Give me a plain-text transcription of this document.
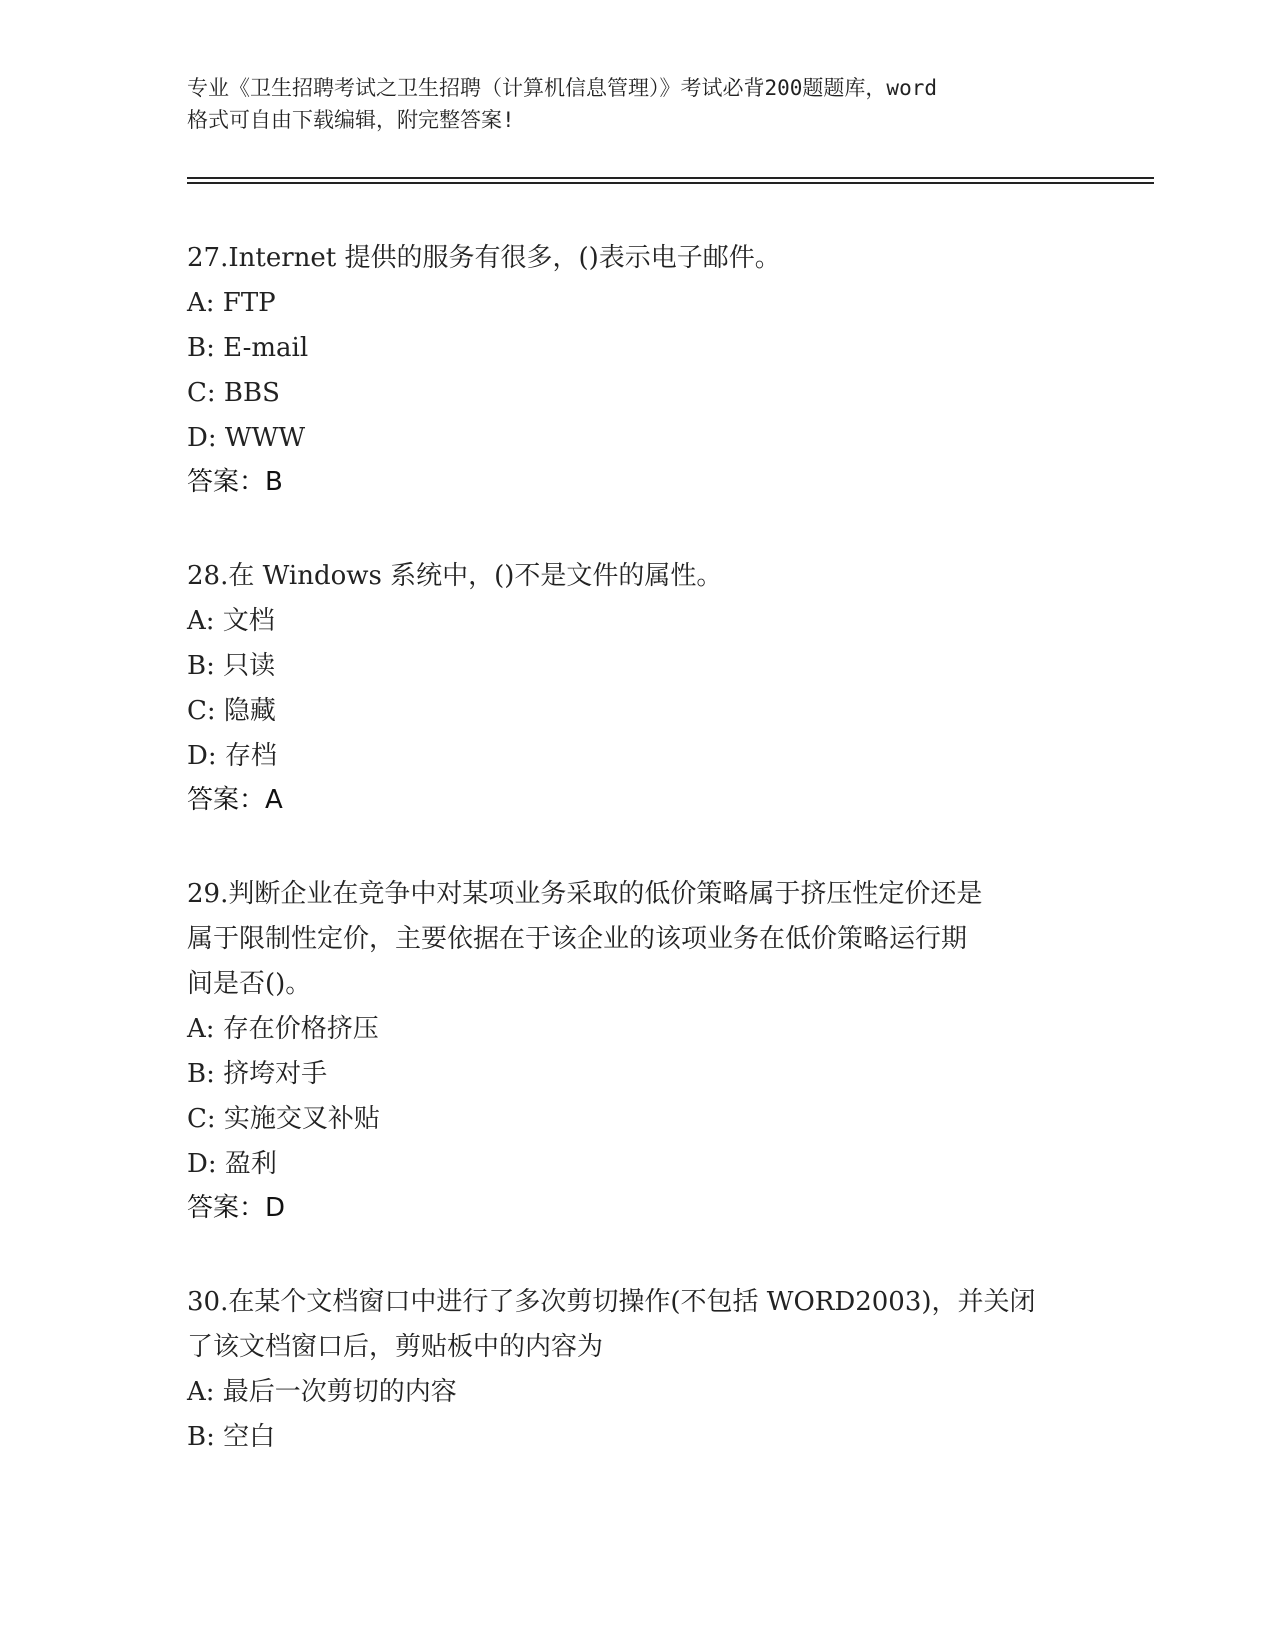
专业《卫生招聘考试之卫生招聘（计算机信息管理）》考试必背200题题库，word
格式可自由下载编辑，附完整答案!
27.Internet 提供的服务有很多，()表示电子邮件。
A: FTP
B: E-mail
C: BBS
D: WWW
答案：B
28.在 Windows 系统中，()不是文件的属性。
A: 文档
B: 只读
C: 隐藏
D: 存档
答案：A
29.判断企业在竞争中对某项业务采取的低价策略属于挤压性定价还是
属于限制性定价，主要依据在于该企业的该项业务在低价策略运行期
间是否()。
A: 存在价格挤压
B: 挤垮对手
C: 实施交叉补贴
D: 盈利
答案：D
30.在某个文档窗口中进行了多次剪切操作(不包括 WORD2003)，并关闭
了该文档窗口后，剪贴板中的内容为
A: 最后一次剪切的内容
B: 空白
